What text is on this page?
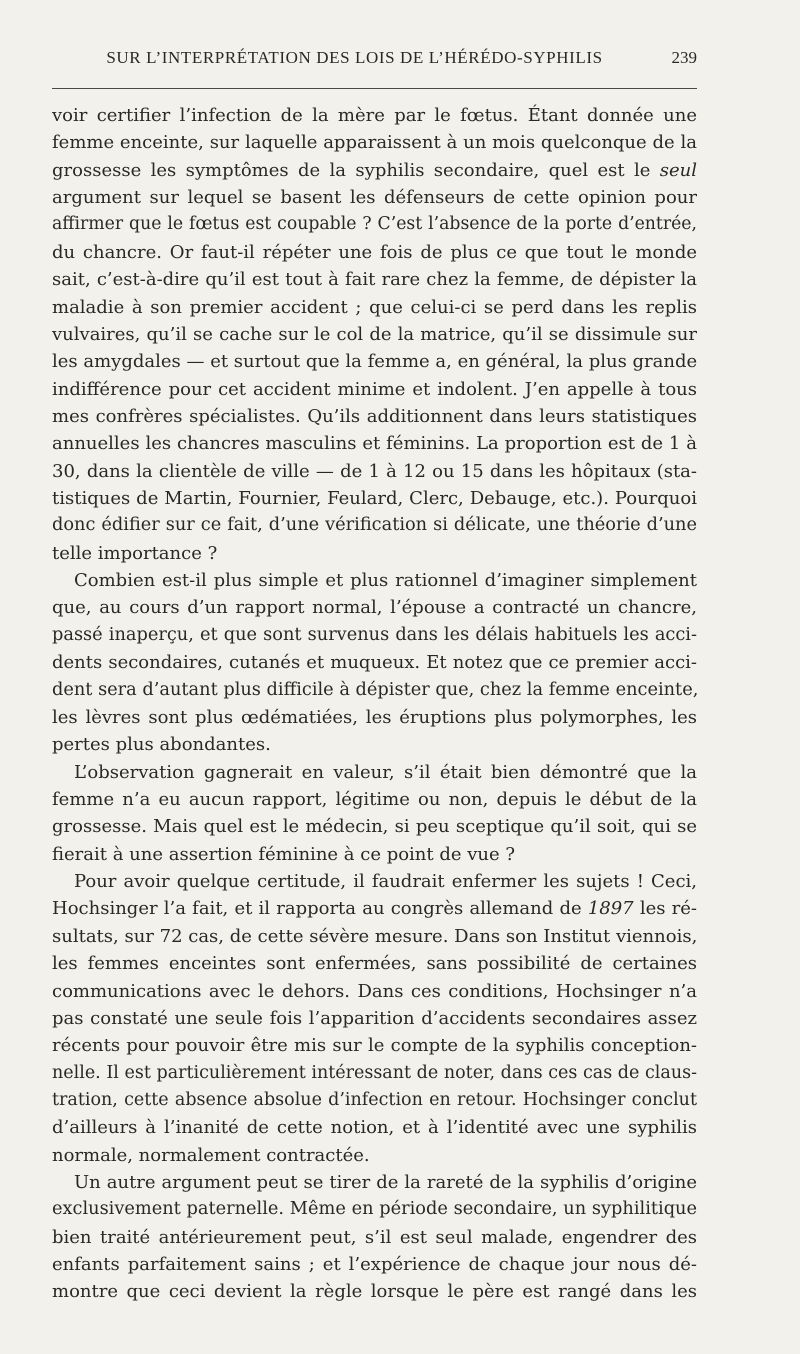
SUR L’INTERPRÉTATION DES LOIS DE L’HÉRÉDO-SYPHILIS	239
voir certifier l’infection de la mère par le fœtus. Étant donnée une
femme enceinte, sur laquelle apparaissent à un mois quelconque de la
grossesse les symptômes de la syphilis secondaire, quel est le seul
argument sur lequel se basent les défenseurs de cette opinion pour
affirmer que le fœtus est coupable ? C’est l’absence de la porte d’entrée,
du chancre. Or faut-il répéter une fois de plus ce que tout le monde
sait, c’est-à-dire qu’il est tout à fait rare chez la femme, de dépister la
maladie à son premier accident ; que celui-ci se perd dans les replis
vulvaires, qu’il se cache sur le col de la matrice, qu’il se dissimule sur
les amygdales — et surtout que la femme a, en général, la plus grande
indifférence pour cet accident minime et indolent. J’en appelle à tous
mes confrères spécialistes. Qu’ils additionnent dans leurs statistiques
annuelles les chancres masculins et féminins. La proportion est de 1 à
30, dans la clientèle de ville — de 1 à 12 ou 15 dans les hôpitaux (sta-
tistiques de Martin, Fournier, Feulard, Clerc, Debauge, etc.). Pourquoi
donc édifier sur ce fait, d’une vérification si délicate, une théorie d’une
telle importance ?
Combien est-il plus simple et plus rationnel d’imaginer simplement
que, au cours d’un rapport normal, l’épouse a contracté un chancre,
passé inaperçu, et que sont survenus dans les délais habituels les acci-
dents secondaires, cutanés et muqueux. Et notez que ce premier acci-
dent sera d’autant plus difficile à dépister que, chez la femme enceinte,
les lèvres sont plus œdématiées, les éruptions plus polymorphes, les
pertes plus abondantes.
L’observation gagnerait en valeur, s’il était bien démontré que la
femme n’a eu aucun rapport, légitime ou non, depuis le début de la
grossesse. Mais quel est le médecin, si peu sceptique qu’il soit, qui se
fierait à une assertion féminine à ce point de vue ?
Pour avoir quelque certitude, il faudrait enfermer les sujets ! Ceci,
Hochsinger l’a fait, et il rapporta au congrès allemand de 1897 les ré-
sultats, sur 72 cas, de cette sévère mesure. Dans son Institut viennois,
les femmes enceintes sont enfermées, sans possibilité de certaines
communications avec le dehors. Dans ces conditions, Hochsinger n’a
pas constaté une seule fois l’apparition d’accidents secondaires assez
récents pour pouvoir être mis sur le compte de la syphilis conception-
nelle. Il est particulièrement intéressant de noter, dans ces cas de claus-
tration, cette absence absolue d’infection en retour. Hochsinger conclut
d’ailleurs à l’inanité de cette notion, et à l’identité avec une syphilis
normale, normalement contractée.
Un autre argument peut se tirer de la rareté de la syphilis d’origine
exclusivement paternelle. Même en période secondaire, un syphilitique
bien traité antérieurement peut, s’il est seul malade, engendrer des
enfants parfaitement sains ; et l’expérience de chaque jour nous dé-
montre que ceci devient la règle lorsque le père est rangé dans les
